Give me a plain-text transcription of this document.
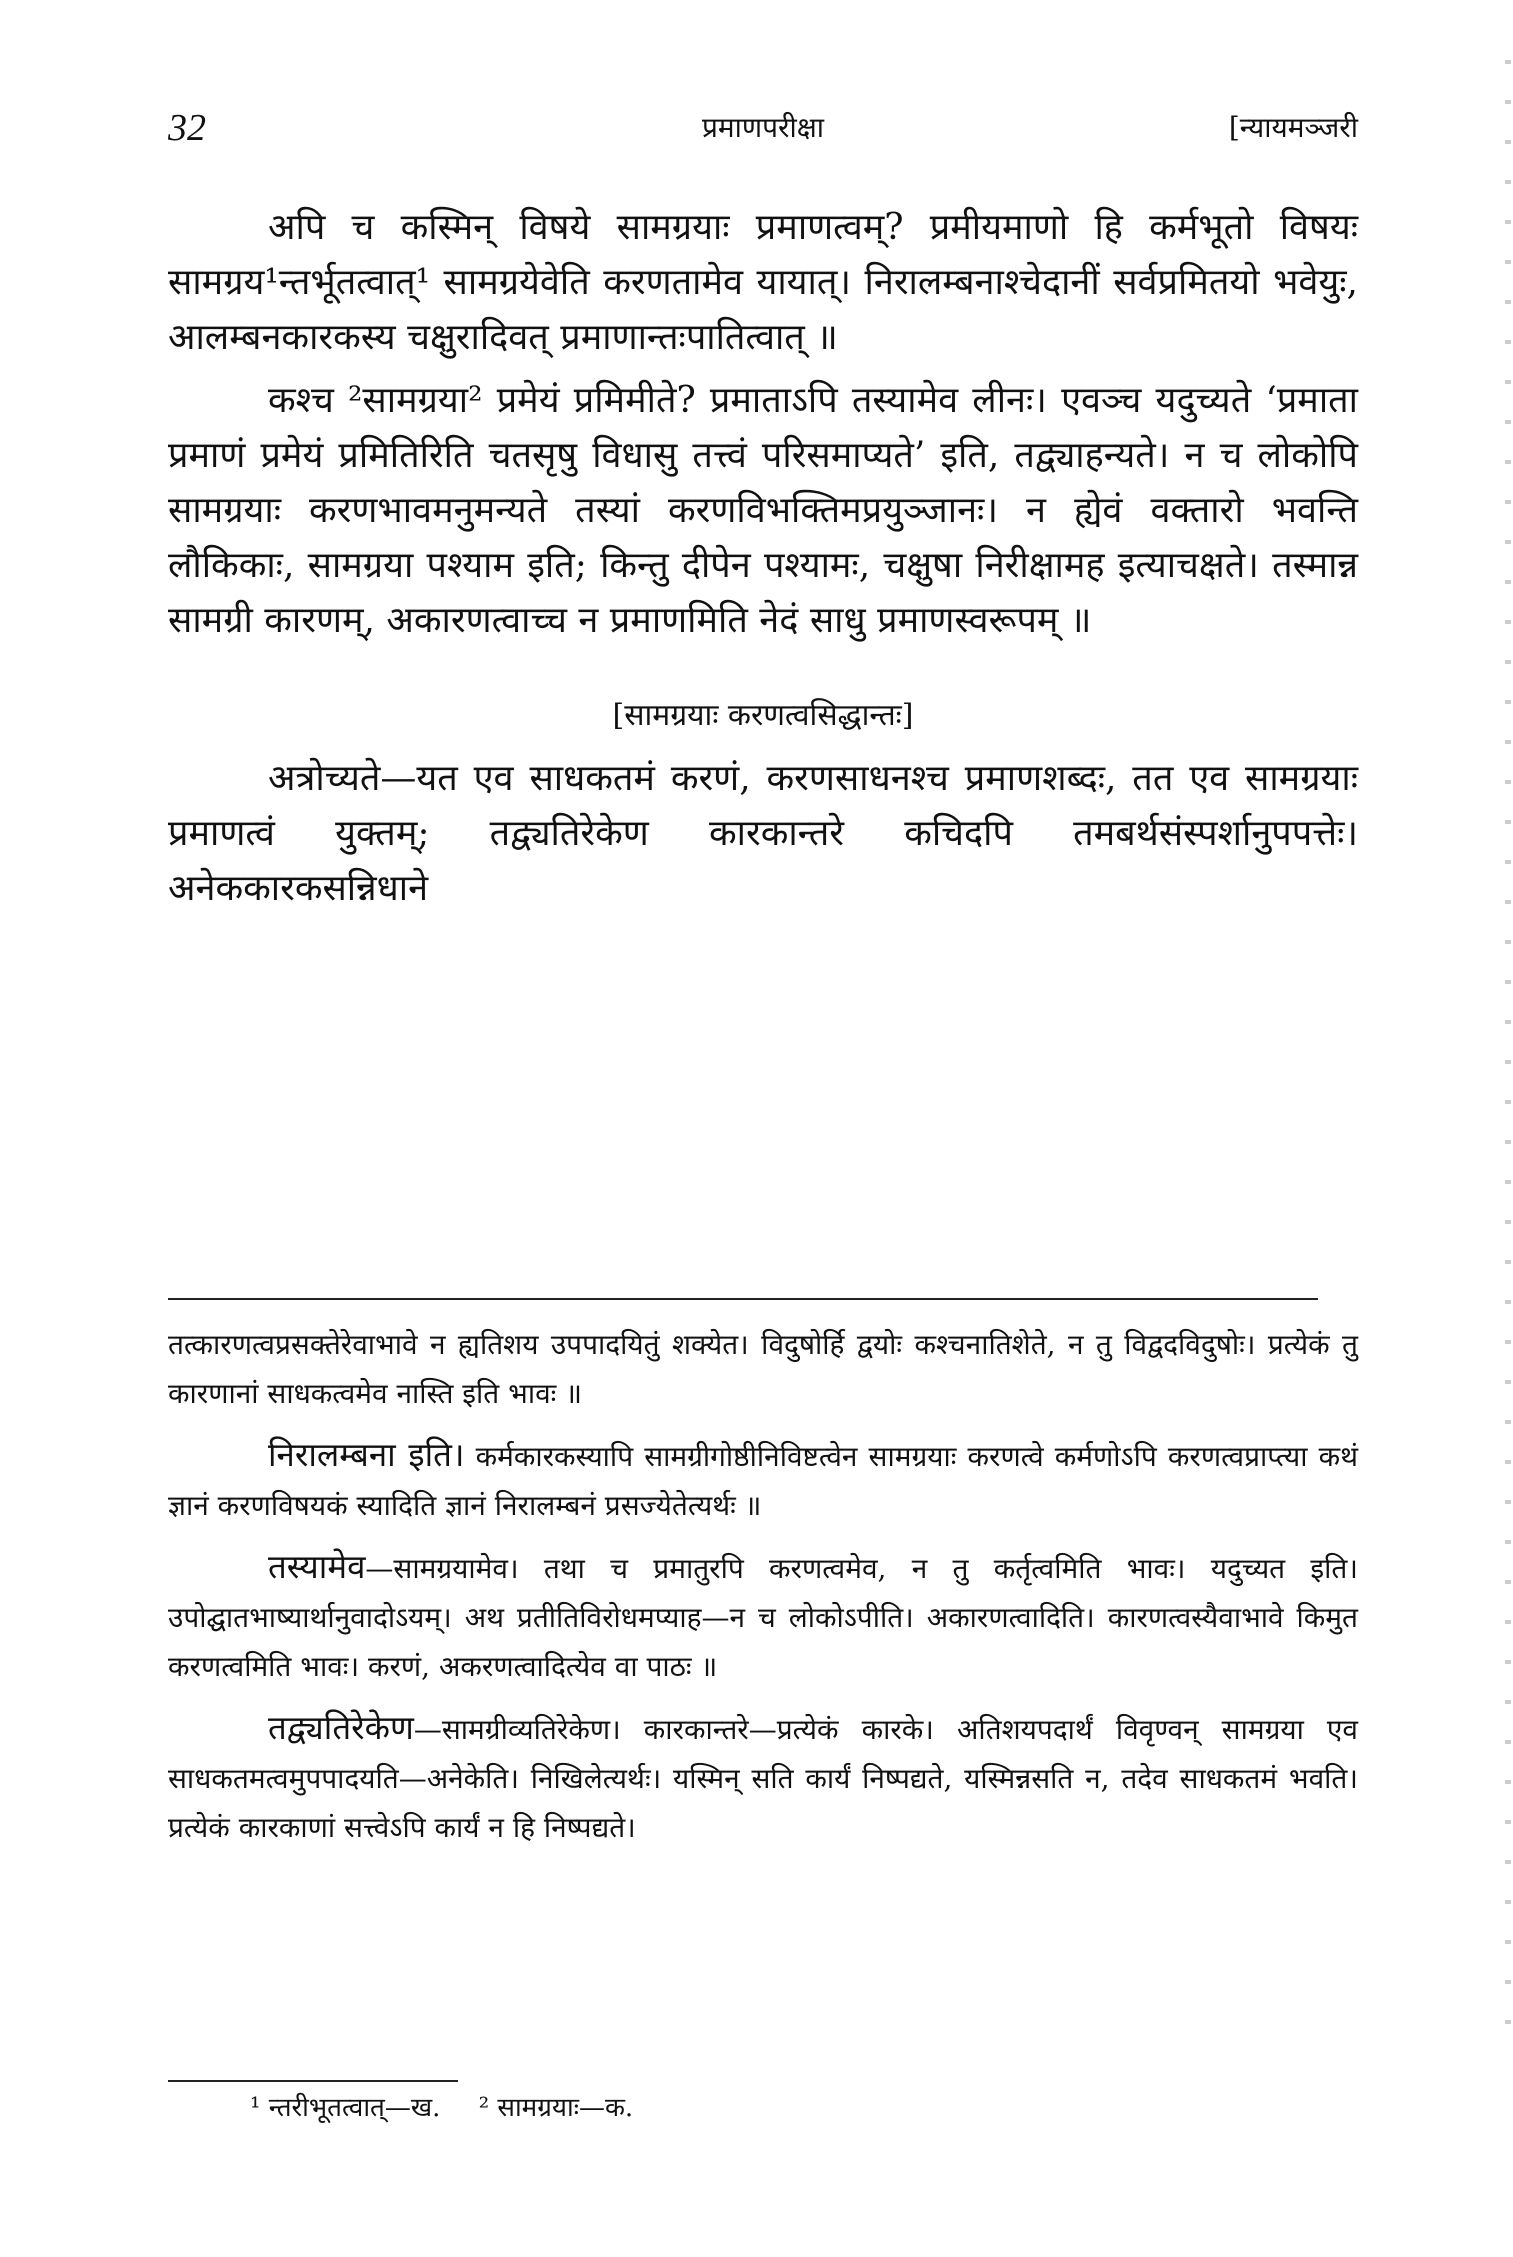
32	प्रमाणपरीक्षा	[न्यायमञ्जरी

अपि च कस्मिन् विषये सामग्रयाः प्रमाणत्वम्? प्रमीयमाणो हि कर्मभूतो विषयः सामग्रय¹न्तर्भूतत्वात्¹ सामग्रयेवेति करणतामेव यायात्। निरालम्बनाश्चेदानीं सर्वप्रमितयो भवेयुः, आलम्बनकारकस्य चक्षुरादिवत् प्रमाणान्तःपातित्वात् ॥

कश्च ²सामग्रया² प्रमेयं प्रमिमीते? प्रमाताऽपि तस्यामेव लीनः। एवञ्च यदुच्यते ‘प्रमाता प्रमाणं प्रमेयं प्रमितिरिति चतसृषु विधासु तत्त्वं परिसमाप्यते’ इति, तद्व्याहन्यते। न च लोकोपि सामग्रयाः करणभावमनुमन्यते तस्यां करणविभक्तिमप्रयुञ्जानः। न ह्येवं वक्तारो भवन्ति लौकिकाः, सामग्रया पश्याम इति; किन्तु दीपेन पश्यामः, चक्षुषा निरीक्षामह इत्याचक्षते। तस्मान्न सामग्री कारणम्, अकारणत्वाच्च न प्रमाणमिति नेदं साधु प्रमाणस्वरूपम् ॥

[सामग्रयाः करणत्वसिद्धान्तः]

अत्रोच्यते—यत एव साधकतमं करणं, करणसाधनश्च प्रमाणशब्दः, तत एव सामग्रयाः प्रमाणत्वं युक्तम्; तद्व्यतिरेकेण कारकान्तरे कचिदपि तमबर्थसंस्पर्शानुपपत्तेः। अनेककारकसन्निधाने

तत्कारणत्वप्रसक्तेरेवाभावे न ह्यतिशय उपपादयितुं शक्येत। विदुषोर्हि द्वयोः कश्चनातिशेते, न तु विद्वदविदुषोः। प्रत्येकं तु कारणानां साधकत्वमेव नास्ति इति भावः ॥

निरालम्बना इति। कर्मकारकस्यापि सामग्रीगोष्ठीनिविष्टत्वेन सामग्रयाः करणत्वे कर्मणोऽपि करणत्वप्राप्त्या कथं ज्ञानं करणविषयकं स्यादिति ज्ञानं निरालम्बनं प्रसज्येतेत्यर्थः ॥

तस्यामेव—सामग्रयामेव। तथा च प्रमातुरपि करणत्वमेव, न तु कर्तृत्वमिति भावः। यदुच्यत इति। उपोद्घातभाष्यार्थानुवादोऽयम्। अथ प्रतीतिविरोधमप्याह—न च लोकोऽपीति। अकारणत्वादिति। कारणत्वस्यैवाभावे किमुत करणत्वमिति भावः। करणं, अकरणत्वादित्येव वा पाठः ॥

तद्व्यतिरेकेण—सामग्रीव्यतिरेकेण। कारकान्तरे—प्रत्येकं कारके। अतिशयपदार्थं विवृण्वन् सामग्रया एव साधकतमत्वमुपपादयति—अनेकेति। निखिलेत्यर्थः। यस्मिन् सति कार्यं निष्पद्यते, यस्मिन्नसति न, तदेव साधकतमं भवति। प्रत्येकं कारकाणां सत्त्वेऽपि कार्यं न हि निष्पद्यते।

¹ न्तरीभूतत्वात्—ख. ² सामग्रयाः—क.
